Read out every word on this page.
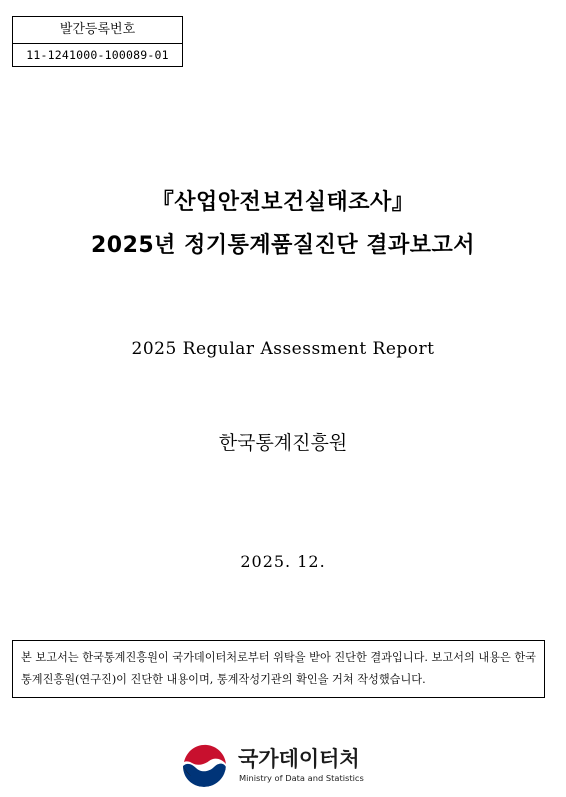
발간등록번호
11-1241000-100089-01
『산업안전보건실태조사』
2025년 정기통계품질진단 결과보고서
2025 Regular Assessment Report
한국통계진흥원
2025. 12.
본 보고서는 한국통계진흥원이 국가데이터처로부터 위탁을 받아 진단한 결과입니다. 보고서의 내용은 한국통계진흥원(연구진)이 진단한 내용이며, 통계작성기관의 확인을 거쳐 작성했습니다.
국가데이터처
Ministry of Data and Statistics
